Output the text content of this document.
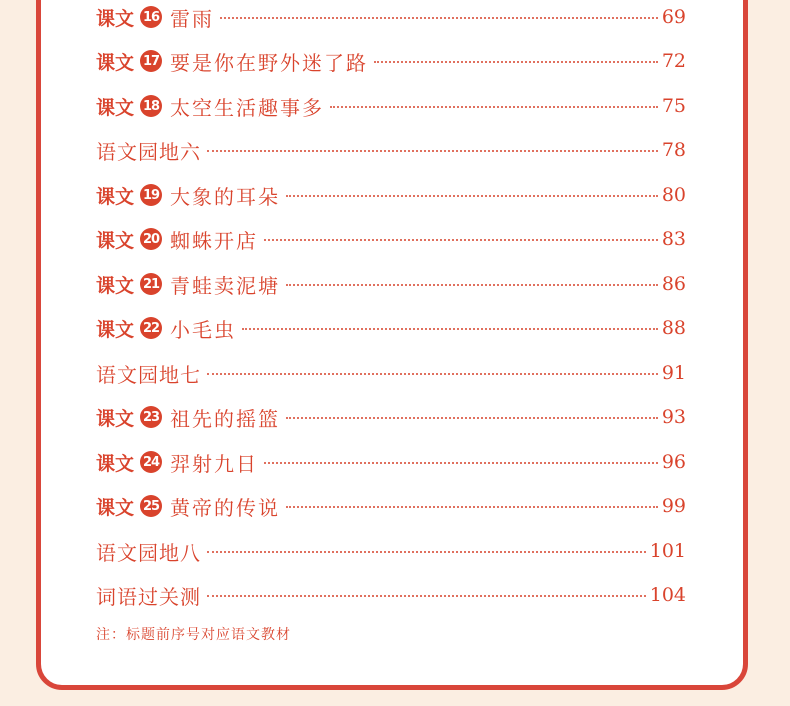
课文 16 雷雨	69
课文 17 要是你在野外迷了路	72
课文 18 太空生活趣事多	75
语文园地六	78
课文 19 大象的耳朵	80
课文 20 蜘蛛开店	83
课文 21 青蛙卖泥塘	86
课文 22 小毛虫	88
语文园地七	91
课文 23 祖先的摇篮	93
课文 24 羿射九日	96
课文 25 黄帝的传说	99
语文园地八	101
词语过关测	104
注：标题前序号对应语文教材
